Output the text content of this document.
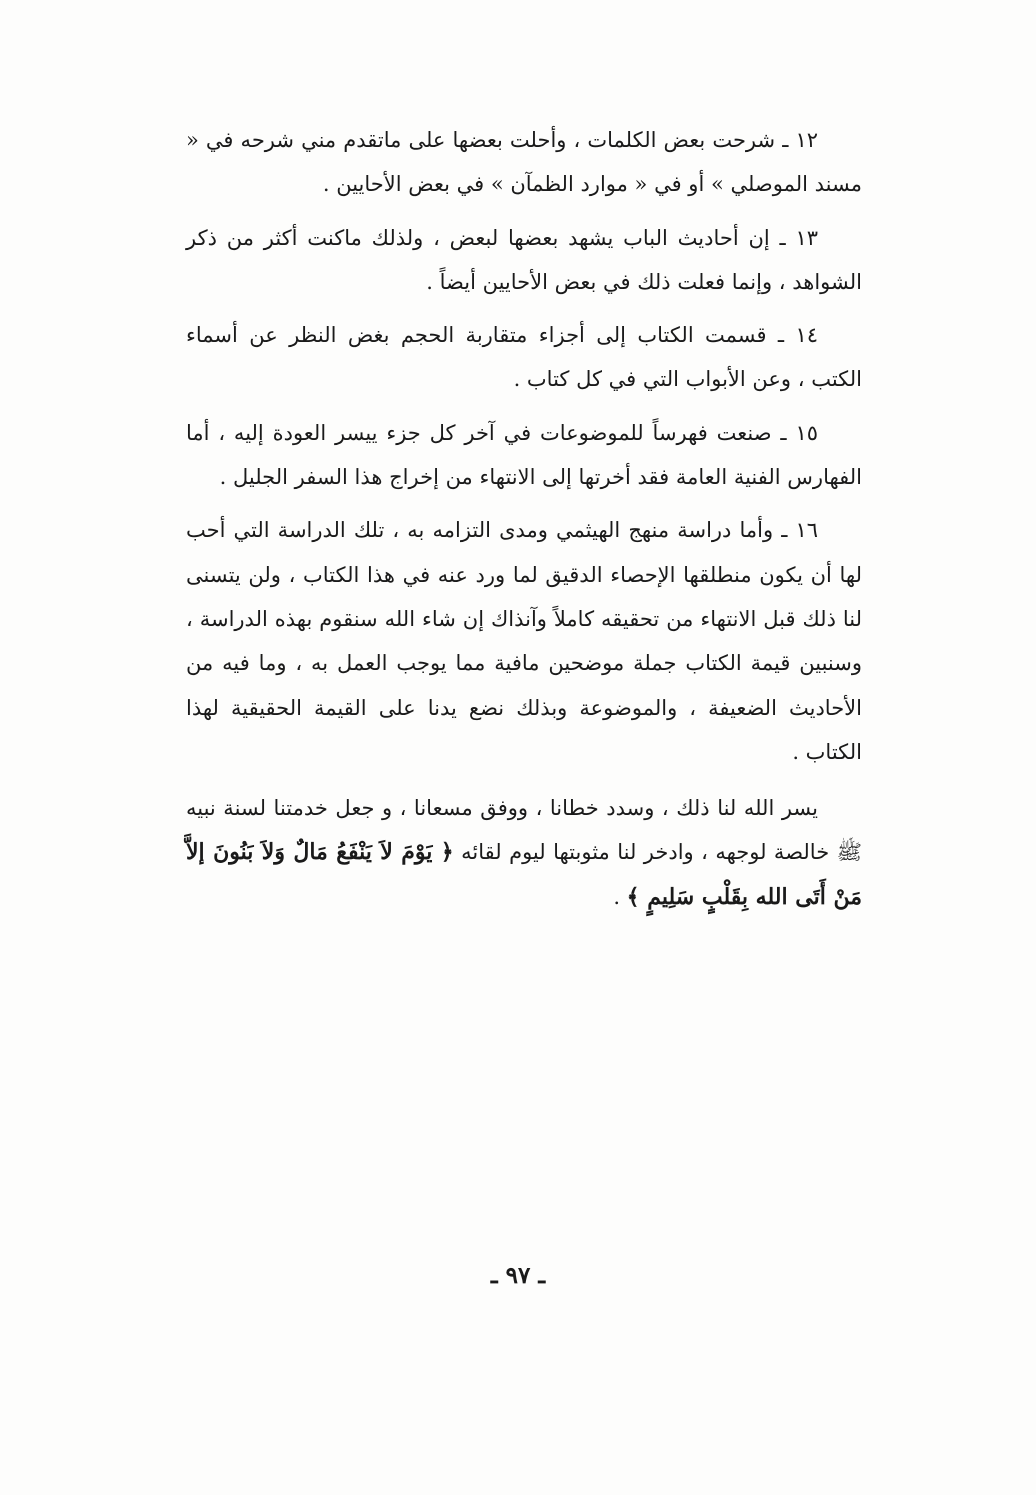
١٢ ـ شرحت بعض الكلمات ، وأحلت بعضها على ماتقدم مني شرحه في « مسند الموصلي » أو في « موارد الظمآن » في بعض الأحايين .

١٣ ـ إن أحاديث الباب يشهد بعضها لبعض ، ولذلك ماكنت أكثر من ذكر الشواهد ، وإنما فعلت ذلك في بعض الأحايين أيضاً .

١٤ ـ قسمت الكتاب إلى أجزاء متقاربة الحجم بغض النظر عن أسماء الكتب ، وعن الأبواب التي في كل كتاب .

١٥ ـ صنعت فهرساً للموضوعات في آخر كل جزء ييسر العودة إليه ، أما الفهارس الفنية العامة فقد أخرتها إلى الانتهاء من إخراج هذا السفر الجليل .

١٦ ـ وأما دراسة منهج الهيثمي ومدى التزامه به ، تلك الدراسة التي أحب لها أن يكون منطلقها الإحصاء الدقيق لما ورد عنه في هذا الكتاب ، ولن يتسنى لنا ذلك قبل الانتهاء من تحقيقه كاملاً وآنذاك إن شاء الله سنقوم بهذه الدراسة ، وسنبين قيمة الكتاب جملة موضحين مافية مما يوجب العمل به ، وما فيه من الأحاديث الضعيفة ، والموضوعة وبذلك نضع يدنا على القيمة الحقيقية لهذا الكتاب .

يسر الله لنا ذلك ، وسدد خطانا ، ووفق مسعانا ، و جعل خدمتنا لسنة نبيه ﷺ خالصة لوجهه ، وادخر لنا مثوبتها ليوم لقائه ﴿ يَوْمَ لاَ يَنْفَعُ مَالٌ وَلاَ بَنُونَ إلاَّ مَنْ أَتَى الله بِقَلْبٍ سَلِيمٍ ﴾ .

ـ ٩٧ ـ
